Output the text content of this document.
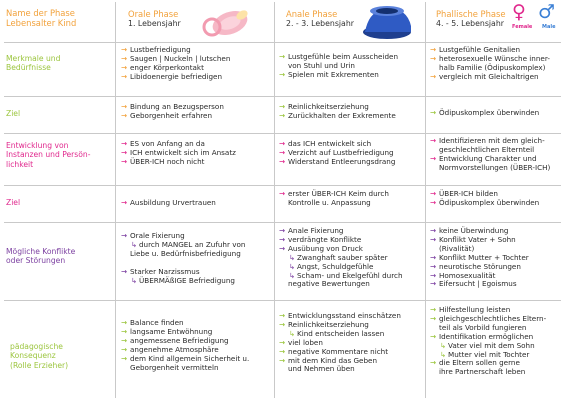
Name der Phase
Lebensalter Kind
Orale Phase
1. Lebensjahr
Anale Phase
2. - 3. Lebensjahr
Phallische Phase
4. - 5. Lebensjahr
♀
Female
♂
Male
Merkmale und
Bedürfnisse
Ziel
Entwicklung von
Instanzen und Persön-
lichkeit
Ziel
Mögliche Konflikte
oder Störungen
pädagogische
Konsequenz
(Rolle Erzieher)
→ Lustbefriedigung
→ Saugen | Nuckeln | lutschen
→ enger Körperkontakt
→ Libidoenergie befriedigen
→ Lustgefühle beim Ausscheiden
von Stuhl und Urin
→ Spielen mit Exkrementen
→ Lustgefühle Genitalien
→ heterosexuelle Wünsche inner-
halb Familie (Ödipuskomplex)
→ vergleich mit Gleichaltrigen
→ Bindung an Bezugsperson
→ Geborgenheit erfahren
→ Reinlichkeitserziehung
→ Zurückhalten der Exkremente	→ Ödipuskomplex überwinden
→ ES von Anfang an da
→ ICH entwickelt sich im Ansatz
→ ÜBER-ICH noch nicht
→ das ICH entwickelt sich
→ Verzicht auf Lustbefriedigung
→ Widerstand Entleerungsdrang
→ Identifizieren mit dem gleich-
geschlechtlichen Elternteil
→ Entwicklung Charakter und
Normvorstellungen (ÜBER-ICH)
→ Ausbildung Urvertrauen
→ erster ÜBER-ICH Keim durch
Kontrolle u. Anpassung
→ ÜBER-ICH bilden
→ Ödipuskomplex überwinden
→ Orale Fixierung
↳ durch MANGEL an Zufuhr von
Liebe u. Bedürfnisbefriedigung

→ Starker Narzissmus
↳ ÜBERMÄßIGE Befriedigung
→ Anale Fixierung
→ verdrängte Konflikte
→ Ausübung von Druck
↳ Zwanghaft sauber später
↳ Angst, Schuldgefühle
↳ Scham- und Ekelgefühl durch
negative Bewertungen
→ keine Überwindung
→ Konflikt Vater + Sohn
(Rivalität)
→ Konflikt Mutter + Tochter
→ neurotische Störungen
→ Homosexualität
→ Eifersucht | Egoismus
→ Balance finden
→ langsame Entwöhnung
→ angemessene Befriedigung
→ angenehme Atmosphäre
→ dem Kind allgemein Sicherheit u.
Geborgenheit vermitteln
→ Entwicklungsstand einschätzen
→ Reinlichkeitserziehung
↳ Kind entscheiden lassen
→ viel loben
→ negative Kommentare nicht
→ mit dem Kind das Geben
und Nehmen üben
→ Hilfestellung leisten
→ gleichgeschlechtliches Eltern-
teil als Vorbild fungieren
→ Identifikation ermöglichen
↳ Vater viel mit dem Sohn
↳ Mutter viel mit Tochter
→ die Eltern sollen gerne
ihre Partnerschaft leben
